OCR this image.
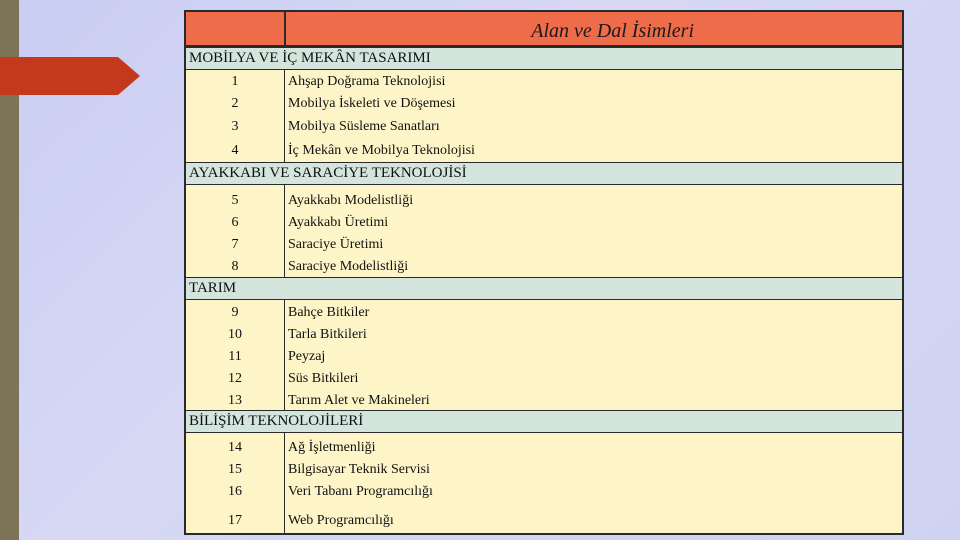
Alan ve Dal İsimleri
MOBİLYA VE İÇ MEKÂN TASARIMI
1	Ahşap Doğrama Teknolojisi
2	Mobilya İskeleti ve Döşemesi
3	Mobilya Süsleme Sanatları
4	İç Mekân ve Mobilya Teknolojisi
AYAKKABI VE SARACİYE TEKNOLOJİSİ
5	Ayakkabı Modelistliği
6	Ayakkabı Üretimi
7	Saraciye Üretimi
8	Saraciye Modelistliği
TARIM
9	Bahçe Bitkiler
10	Tarla Bitkileri
11	Peyzaj
12	Süs Bitkileri
13	Tarım Alet ve Makineleri
BİLİŞİM TEKNOLOJİLERİ
14	Ağ İşletmenliği
15	Bilgisayar Teknik Servisi
16	Veri Tabanı Programcılığı
17	Web Programcılığı
